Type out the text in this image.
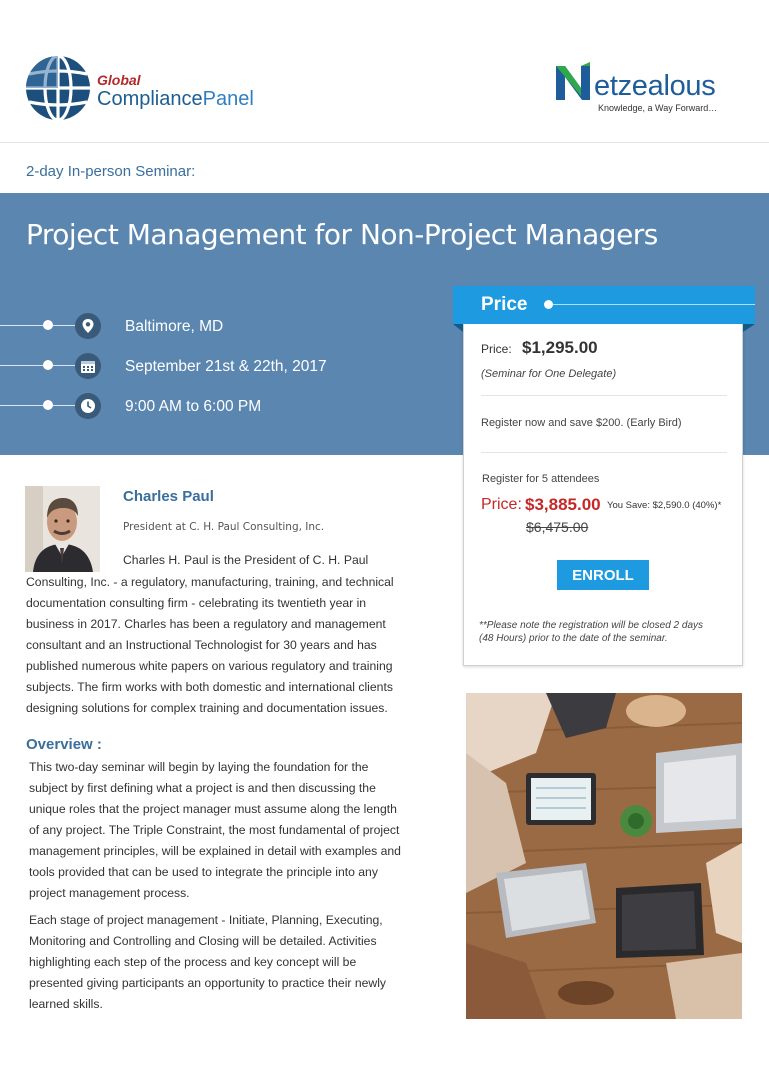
Global
CompliancePanel	etzealous
Knowledge, a Way Forward…
2-day In-person Seminar:
Project Management for Non-Project Managers
Baltimore, MD
September 21st & 22th, 2017
9:00 AM to 6:00 PM
Price
Price: $1,295.00
(Seminar for One Delegate)
Register now and save $200. (Early Bird)
Register for 5 attendees
Price: $3,885.00 You Save: $2,590.0 (40%)*
$6,475.00
ENROLL
**Please note the registration will be closed 2 days
(48 Hours) prior to the date of the seminar.
Charles Paul
President at C. H. Paul Consulting, Inc.
Charles H. Paul is the President of C. H. Paul
Consulting, Inc. - a regulatory, manufacturing, training, and technical
documentation consulting firm - celebrating its twentieth year in
business in 2017. Charles has been a regulatory and management
consultant and an Instructional Technologist for 30 years and has
published numerous white papers on various regulatory and training
subjects. The firm works with both domestic and international clients
designing solutions for complex training and documentation issues.
Overview :
This two-day seminar will begin by laying the foundation for the
subject by first defining what a project is and then discussing the
unique roles that the project manager must assume along the length
of any project. The Triple Constraint, the most fundamental of project
management principles, will be explained in detail with examples and
tools provided that can be used to integrate the principle into any
project management process.
Each stage of project management - Initiate, Planning, Executing,
Monitoring and Controlling and Closing will be detailed. Activities
highlighting each step of the process and key concept will be
presented giving participants an opportunity to practice their newly
learned skills.
